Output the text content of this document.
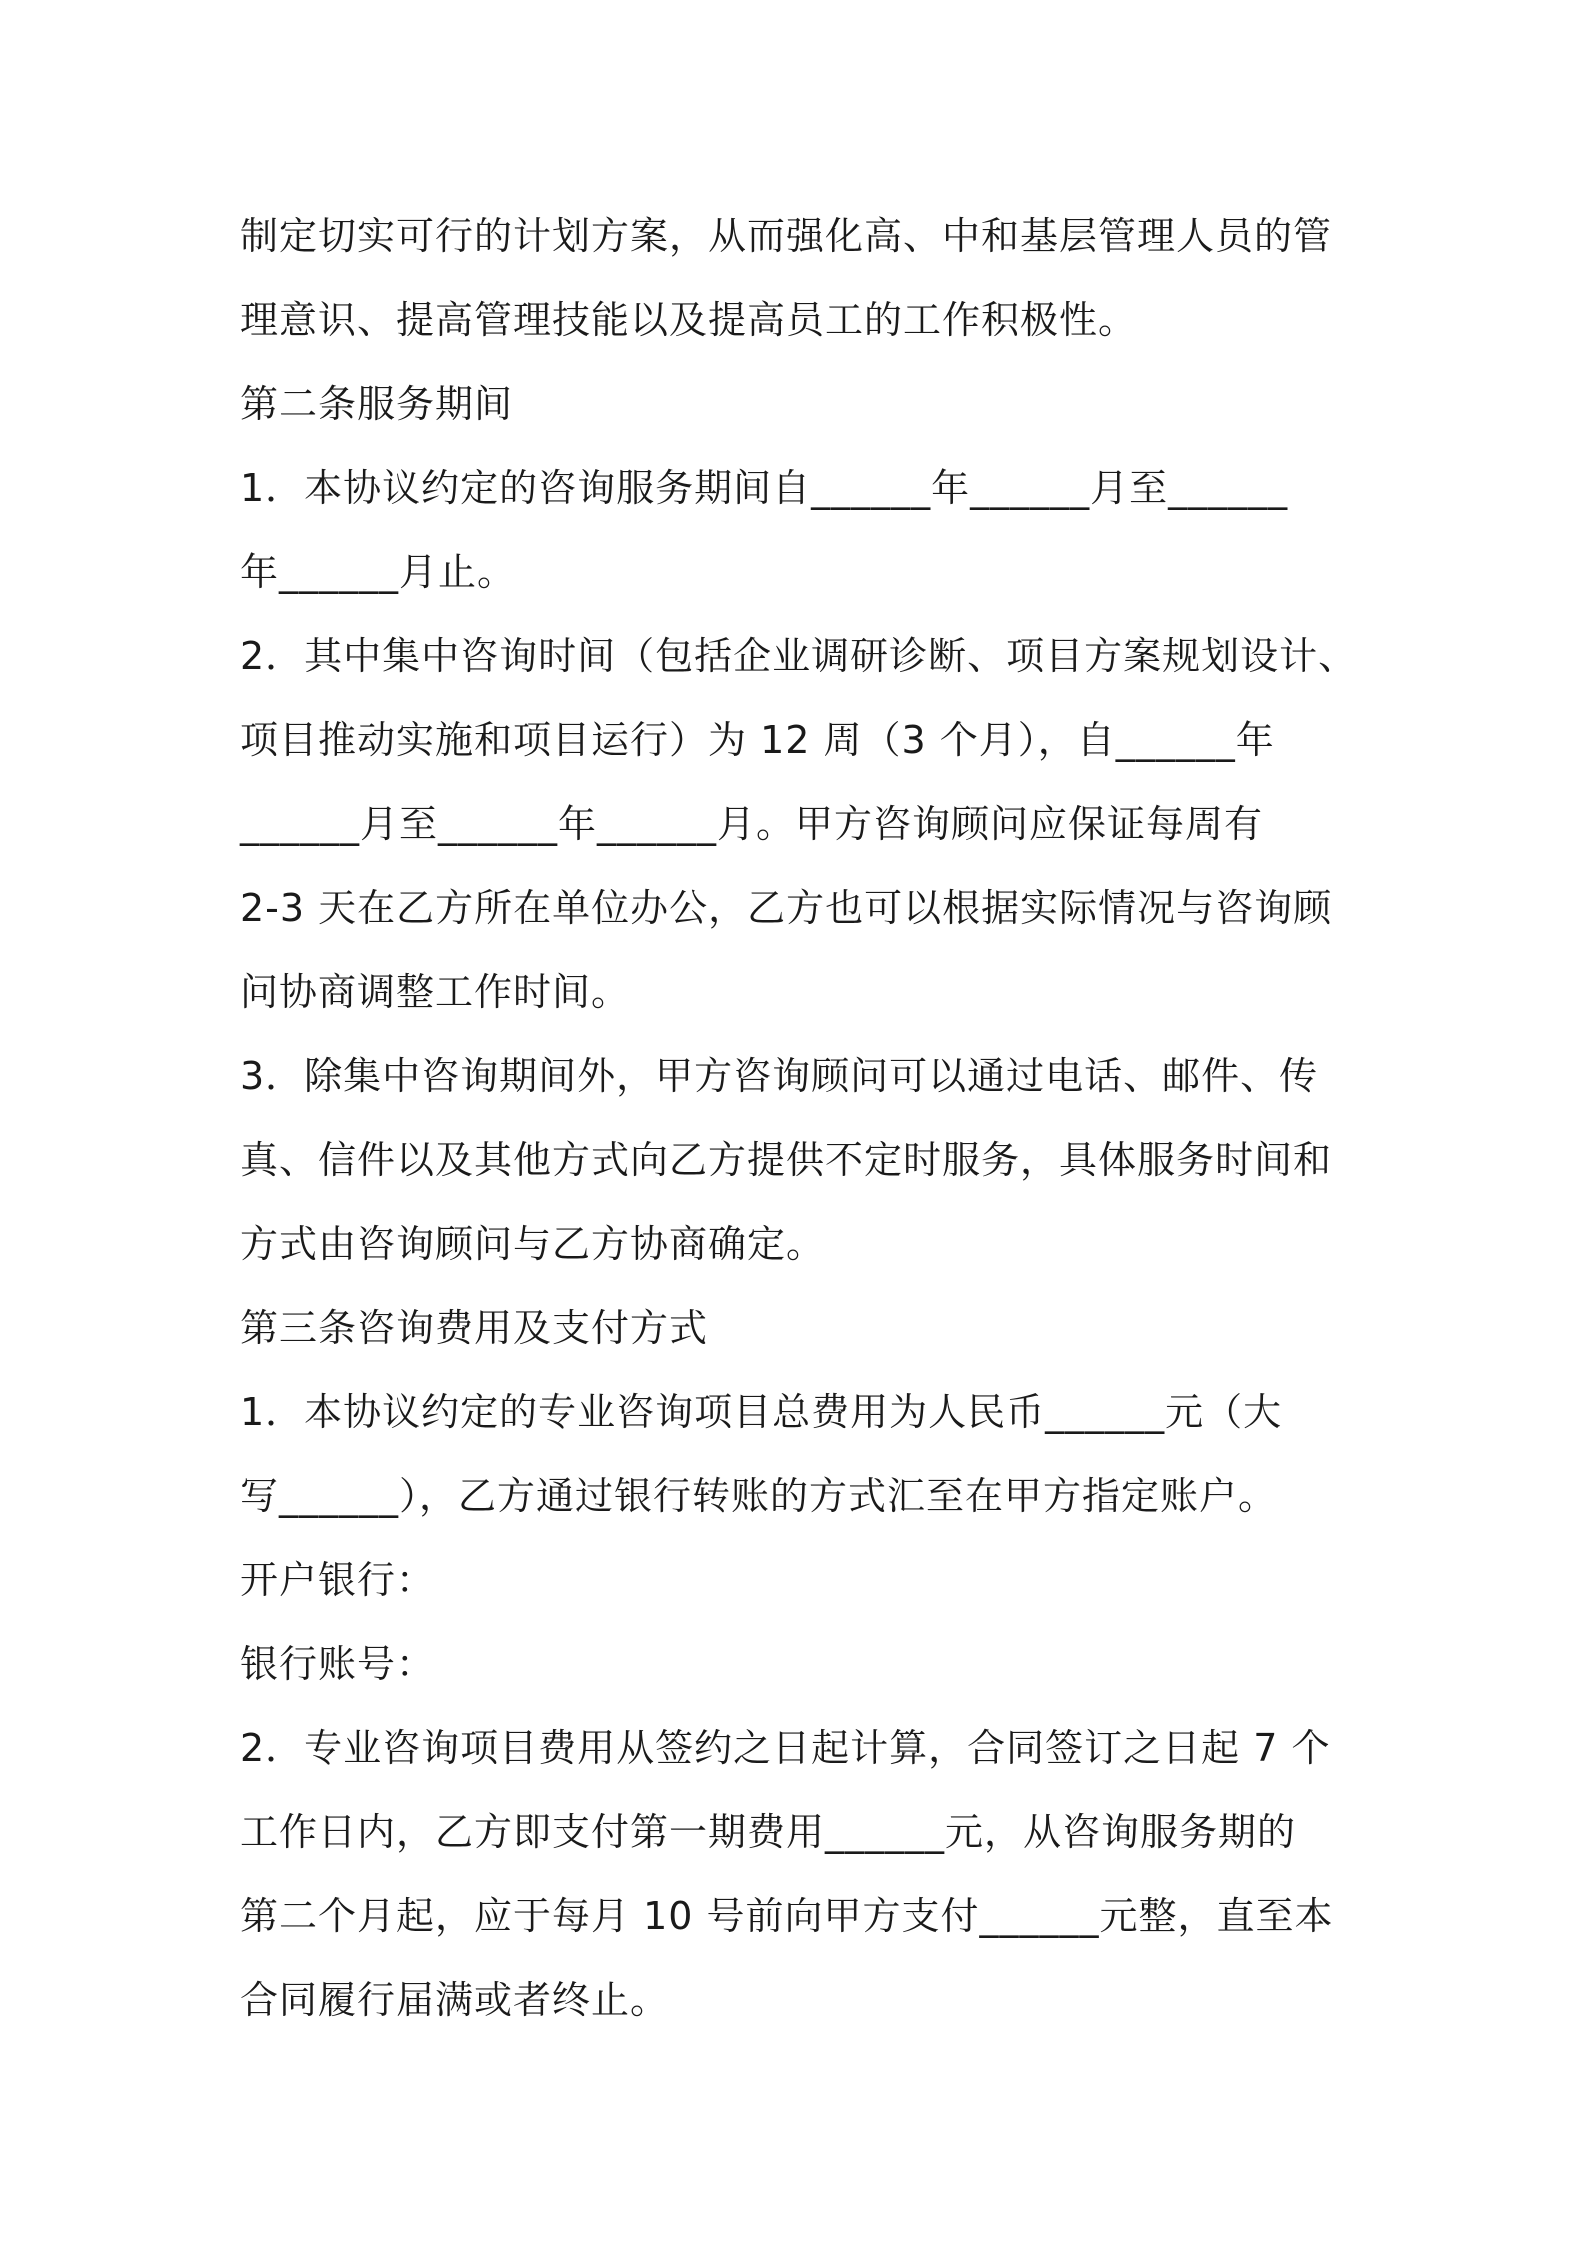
制定切实可行的计划方案，从而强化高、中和基层管理人员的管
理意识、提高管理技能以及提高员工的工作积极性。
第二条服务期间
1．本协议约定的咨询服务期间自______年______月至______
年______月止。
2．其中集中咨询时间（包括企业调研诊断、项目方案规划设计、
项目推动实施和项目运行）为 12 周（3 个月），自______年
______月至______年______月。甲方咨询顾问应保证每周有
2-3 天在乙方所在单位办公，乙方也可以根据实际情况与咨询顾
问协商调整工作时间。
3．除集中咨询期间外，甲方咨询顾问可以通过电话、邮件、传
真、信件以及其他方式向乙方提供不定时服务，具体服务时间和
方式由咨询顾问与乙方协商确定。
第三条咨询费用及支付方式
1．本协议约定的专业咨询项目总费用为人民币______元（大
写______），乙方通过银行转账的方式汇至在甲方指定账户。
开户银行：
银行账号：
2．专业咨询项目费用从签约之日起计算，合同签订之日起 7 个
工作日内，乙方即支付第一期费用______元，从咨询服务期的
第二个月起，应于每月 10 号前向甲方支付______元整，直至本
合同履行届满或者终止。
